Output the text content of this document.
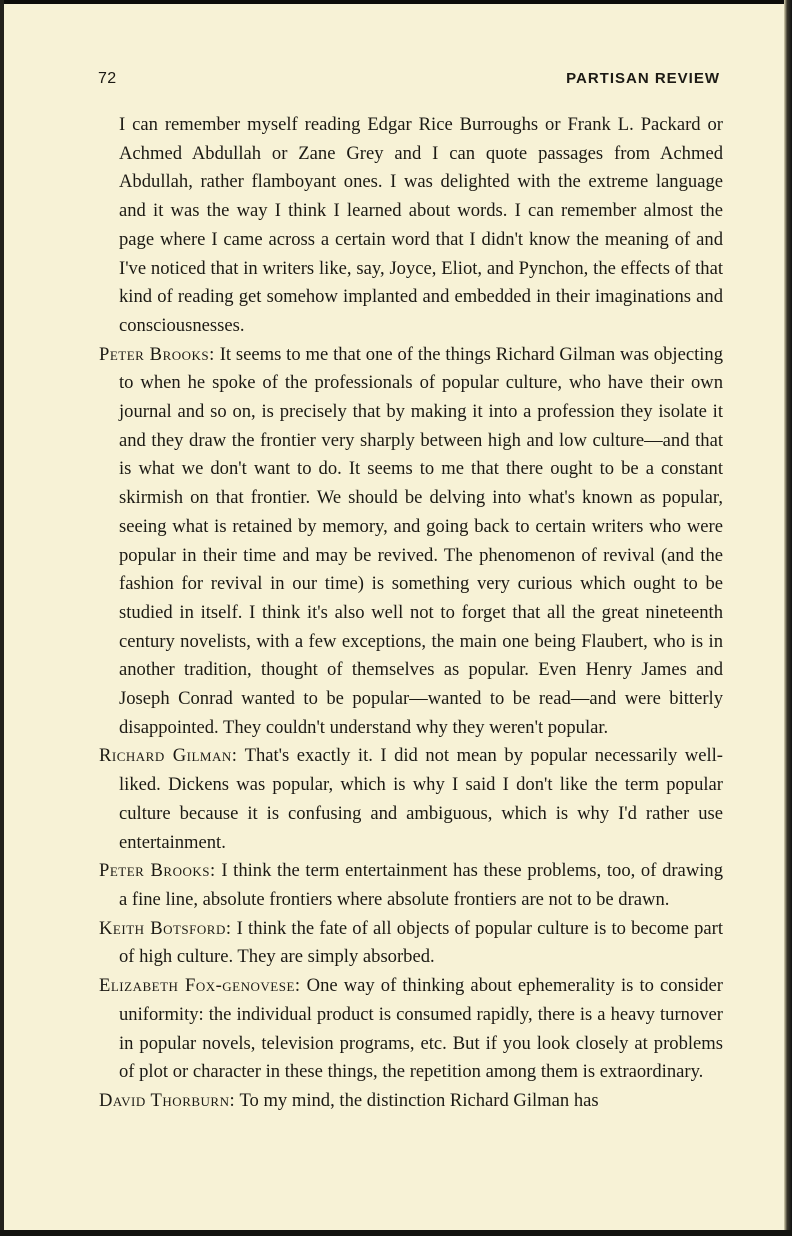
72	PARTISAN REVIEW

I can remember myself reading Edgar Rice Burroughs or Frank L. Packard or Achmed Abdullah or Zane Grey and I can quote passages from Achmed Abdullah, rather flamboyant ones. I was delighted with the extreme language and it was the way I think I learned about words. I can remember almost the page where I came across a certain word that I didn't know the meaning of and I've noticed that in writers like, say, Joyce, Eliot, and Pynchon, the effects of that kind of reading get somehow implanted and embedded in their imaginations and consciousnesses.

Peter Brooks: It seems to me that one of the things Richard Gilman was objecting to when he spoke of the professionals of popular culture, who have their own journal and so on, is precisely that by making it into a profession they isolate it and they draw the frontier very sharply between high and low culture—and that is what we don't want to do. It seems to me that there ought to be a constant skirmish on that frontier. We should be delving into what's known as popular, seeing what is retained by memory, and going back to certain writers who were popular in their time and may be revived. The phenomenon of revival (and the fashion for revival in our time) is something very curious which ought to be studied in itself. I think it's also well not to forget that all the great nineteenth century novelists, with a few exceptions, the main one being Flaubert, who is in another tradition, thought of themselves as popular. Even Henry James and Joseph Conrad wanted to be popular—wanted to be read—and were bitterly disappointed. They couldn't understand why they weren't popular.

Richard Gilman: That's exactly it. I did not mean by popular necessarily well-liked. Dickens was popular, which is why I said I don't like the term popular culture because it is confusing and ambiguous, which is why I'd rather use entertainment.

Peter Brooks: I think the term entertainment has these problems, too, of drawing a fine line, absolute frontiers where absolute frontiers are not to be drawn.

Keith Botsford: I think the fate of all objects of popular culture is to become part of high culture. They are simply absorbed.

Elizabeth Fox-genovese: One way of thinking about ephemerality is to consider uniformity: the individual product is consumed rapidly, there is a heavy turnover in popular novels, television programs, etc. But if you look closely at problems of plot or character in these things, the repetition among them is extraordinary.

David Thorburn: To my mind, the distinction Richard Gilman has
